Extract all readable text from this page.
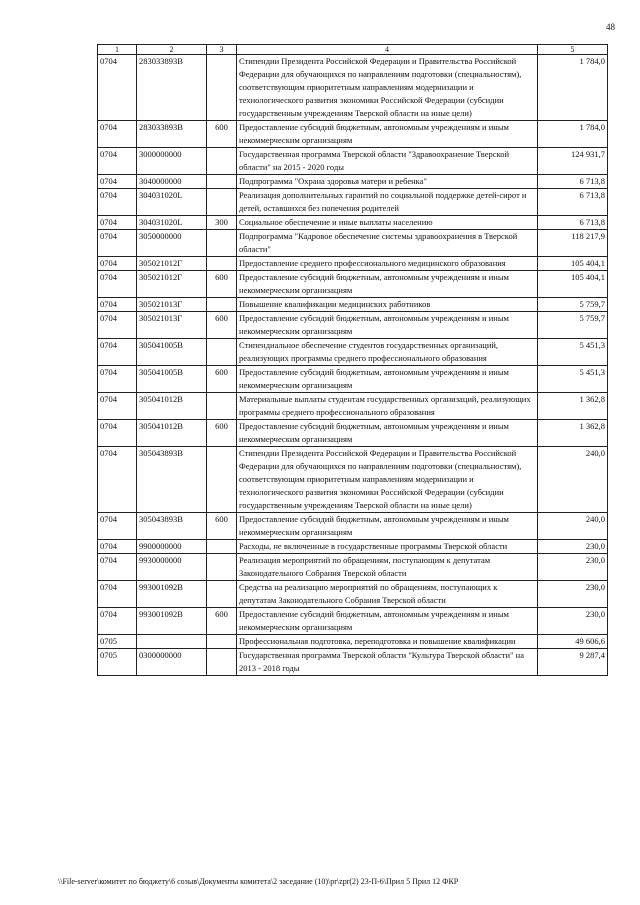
48
1	2	3	4	5
0704	283033893В		Стипендии Президента Российской Федерации и Правительства Российской Федерации для обучающихся по направлениям подготовки (специальностям), соответствующим приоритетным направлениям модернизации и технологического развития экономики Российской Федерации (субсидии государственным учреждениям Тверской области на иные цели)	1 784,0
0704	283033893В	600	Предоставление субсидий бюджетным, автономным учреждениям и иным некоммерческим организациям	1 784,0
0704	3000000000		Государственная программа Тверской области "Здравоохранение Тверской области" на 2015 - 2020 годы	124 931,7
0704	3040000000		Подпрограмма "Охрана здоровья матери и ребенка"	6 713,8
0704	304031020L		Реализация дополнительных гарантий по социальной поддержке детей-сирот и детей, оставшихся без попечения родителей	6 713,8
0704	304031020L	300	Социальное обеспечение и иные выплаты населению	6 713,8
0704	3050000000		Подпрограмма "Кадровое обеспечение системы здравоохранения в Тверской области"	118 217,9
0704	305021012Г		Предоставление среднего профессионального медицинского образования	105 404,1
0704	305021012Г	600	Предоставление субсидий бюджетным, автономным учреждениям и иным некоммерческим организациям	105 404,1
0704	305021013Г		Повышение квалификации медицинских работников	5 759,7
0704	305021013Г	600	Предоставление субсидий бюджетным, автономным учреждениям и иным некоммерческим организациям	5 759,7
0704	305041005В		Стипендиальное обеспечение студентов государственных организаций, реализующих программы среднего профессионального образования	5 451,3
0704	305041005В	600	Предоставление субсидий бюджетным, автономным учреждениям и иным некоммерческим организациям	5 451,3
0704	305041012В		Материальные выплаты студентам государственных организаций, реализующих программы среднего профессионального образования	1 362,8
0704	305041012В	600	Предоставление субсидий бюджетным, автономным учреждениям и иным некоммерческим организациям	1 362,8
0704	305043893В		Стипендии Президента Российской Федерации и Правительства Российской Федерации для обучающихся по направлениям подготовки (специальностям), соответствующим приоритетным направлениям модернизации и технологического развития экономики Российской Федерации (субсидии государственным учреждениям Тверской области на иные цели)	240,0
0704	305043893В	600	Предоставление субсидий бюджетным, автономным учреждениям и иным некоммерческим организациям	240,0
0704	9900000000		Расходы, не включенные в государственные программы Тверской области	230,0
0704	9930000000		Реализация мероприятий по обращениям, поступающим к депутатам Законодательного Собрания Тверской области	230,0
0704	993001092В		Средства на реализацию мероприятий по обращениям, поступающих к депутатам Законодательного Собрания Тверской области	230,0
0704	993001092В	600	Предоставление субсидий бюджетным, автономным учреждениям и иным некоммерческим организациям	230,0
0705			Профессиональная подготовка, переподготовка и повышение квалификации	49 606,6
0705	0300000000		Государственная программа Тверской области "Культура Тверской области" на 2013 - 2018 годы	9 287,4
\\File-server\комитет по бюджету\6 созыв\Документы комитета\2 заседание (10)\pr\zpr(2) 23-П-6\Прил 5 Прил 12 ФКР
